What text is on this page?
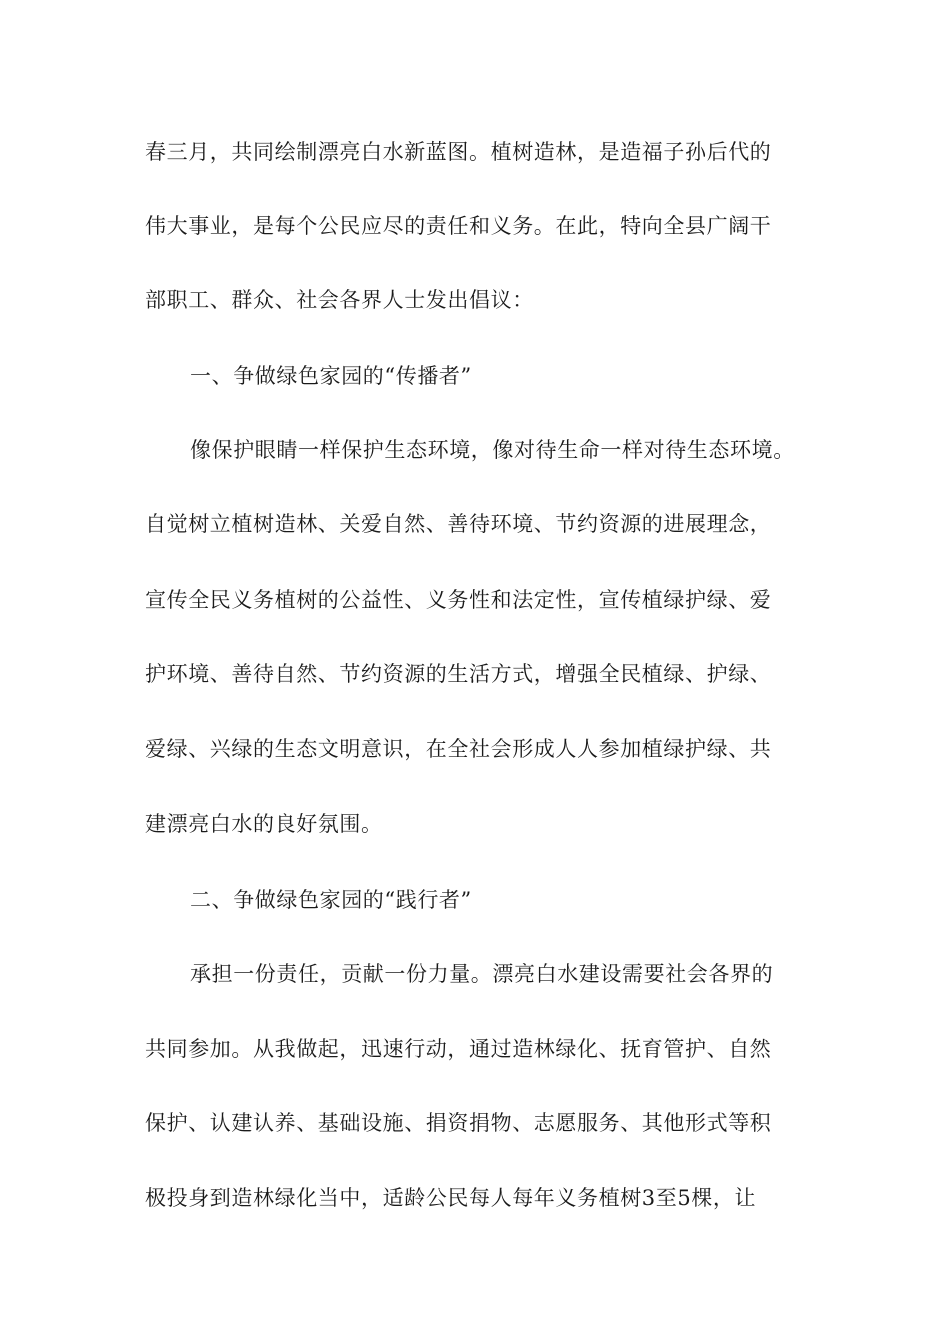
春三月，共同绘制漂亮白水新蓝图。植树造林，是造福子孙后代的
伟大事业，是每个公民应尽的责任和义务。在此，特向全县广阔干
部职工、群众、社会各界人士发出倡议：
一、争做绿色家园的“传播者”
像保护眼睛一样保护生态环境，像对待生命一样对待生态环境。
自觉树立植树造林、关爱自然、善待环境、节约资源的进展理念，
宣传全民义务植树的公益性、义务性和法定性，宣传植绿护绿、爱
护环境、善待自然、节约资源的生活方式，增强全民植绿、护绿、
爱绿、兴绿的生态文明意识，在全社会形成人人参加植绿护绿、共
建漂亮白水的良好氛围。
二、争做绿色家园的“践行者”
承担一份责任，贡献一份力量。漂亮白水建设需要社会各界的
共同参加。从我做起，迅速行动，通过造林绿化、抚育管护、自然
保护、认建认养、基础设施、捐资捐物、志愿服务、其他形式等积
极投身到造林绿化当中，适龄公民每人每年义务植树3至5棵，让
